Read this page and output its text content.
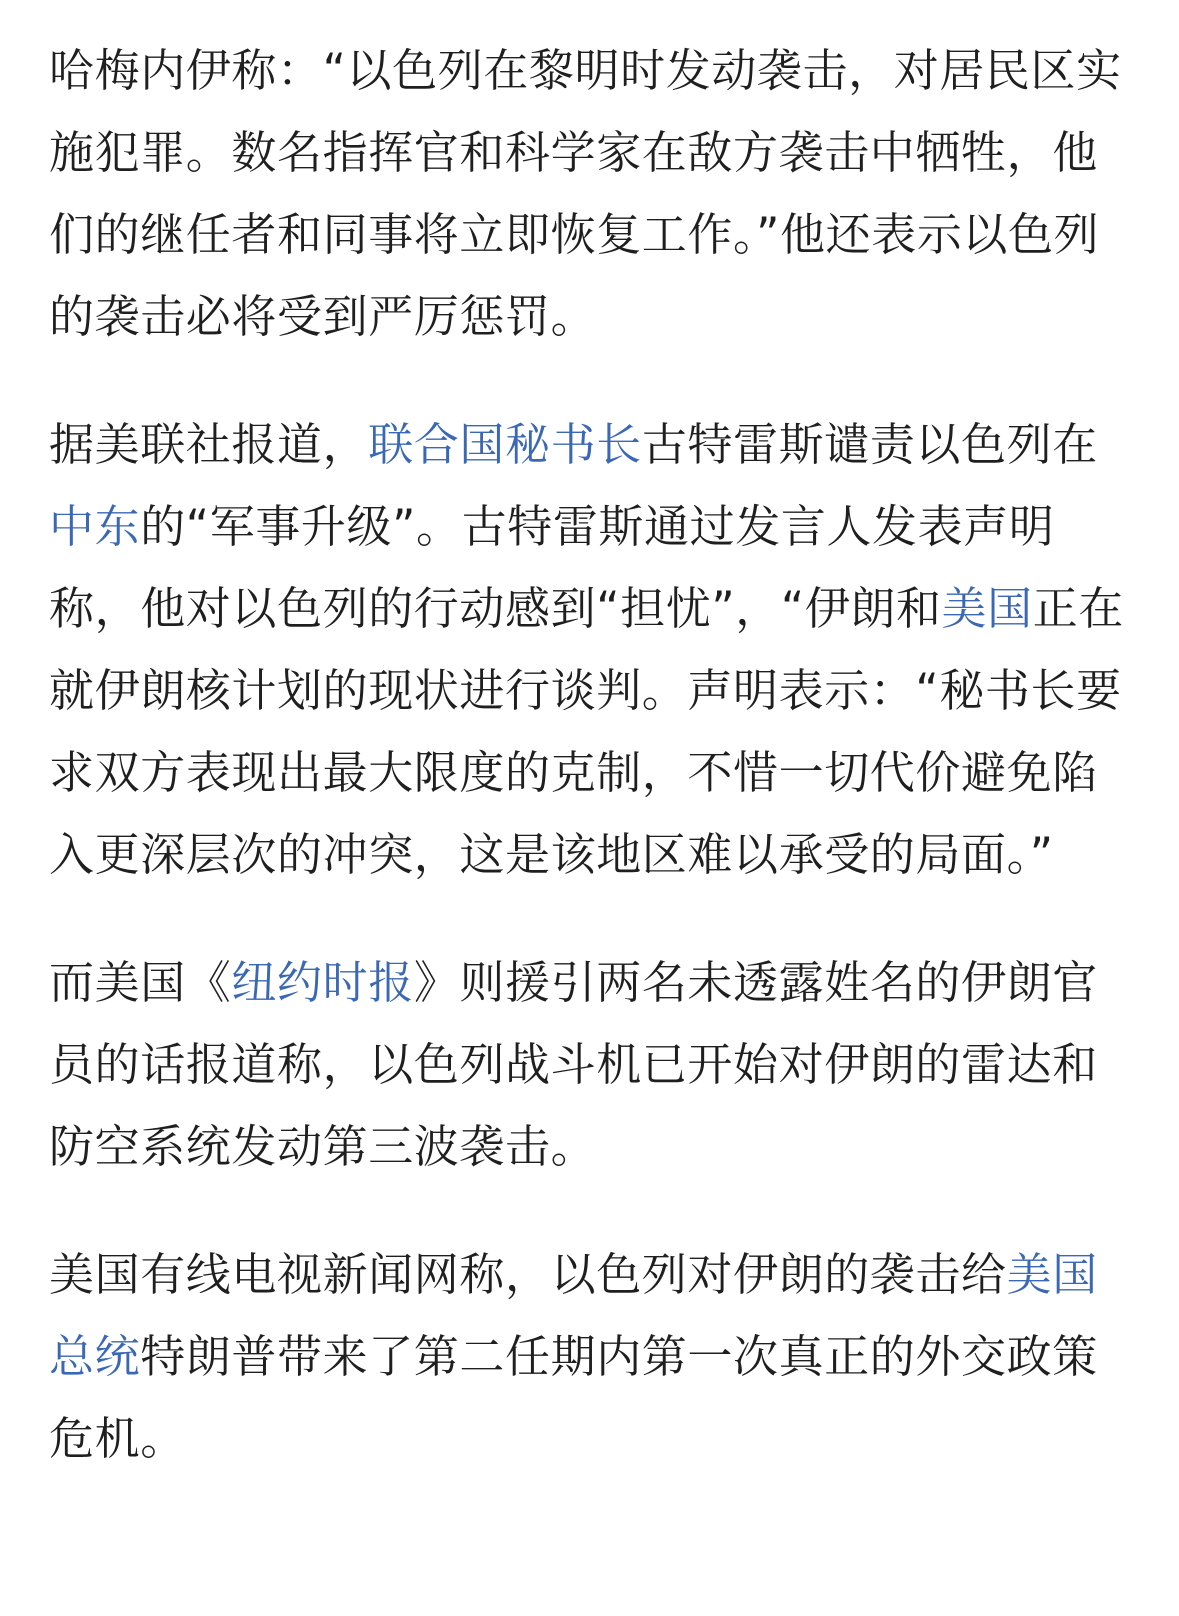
哈梅内伊称：“以色列在黎明时发动袭击，对居民区实施犯罪。数名指挥官和科学家在敌方袭击中牺牲，他们的继任者和同事将立即恢复工作。”他还表示以色列的袭击必将受到严厉惩罚。

据美联社报道，联合国秘书长古特雷斯谴责以色列在中东的“军事升级”。古特雷斯通过发言人发表声明称，他对以色列的行动感到“担忧”，“伊朗和美国正在就伊朗核计划的现状进行谈判。声明表示：“秘书长要求双方表现出最大限度的克制，不惜一切代价避免陷入更深层次的冲突，这是该地区难以承受的局面。”

而美国《纽约时报》则援引两名未透露姓名的伊朗官员的话报道称，以色列战斗机已开始对伊朗的雷达和防空系统发动第三波袭击。

美国有线电视新闻网称，以色列对伊朗的袭击给美国总统特朗普带来了第二任期内第一次真正的外交政策危机。
